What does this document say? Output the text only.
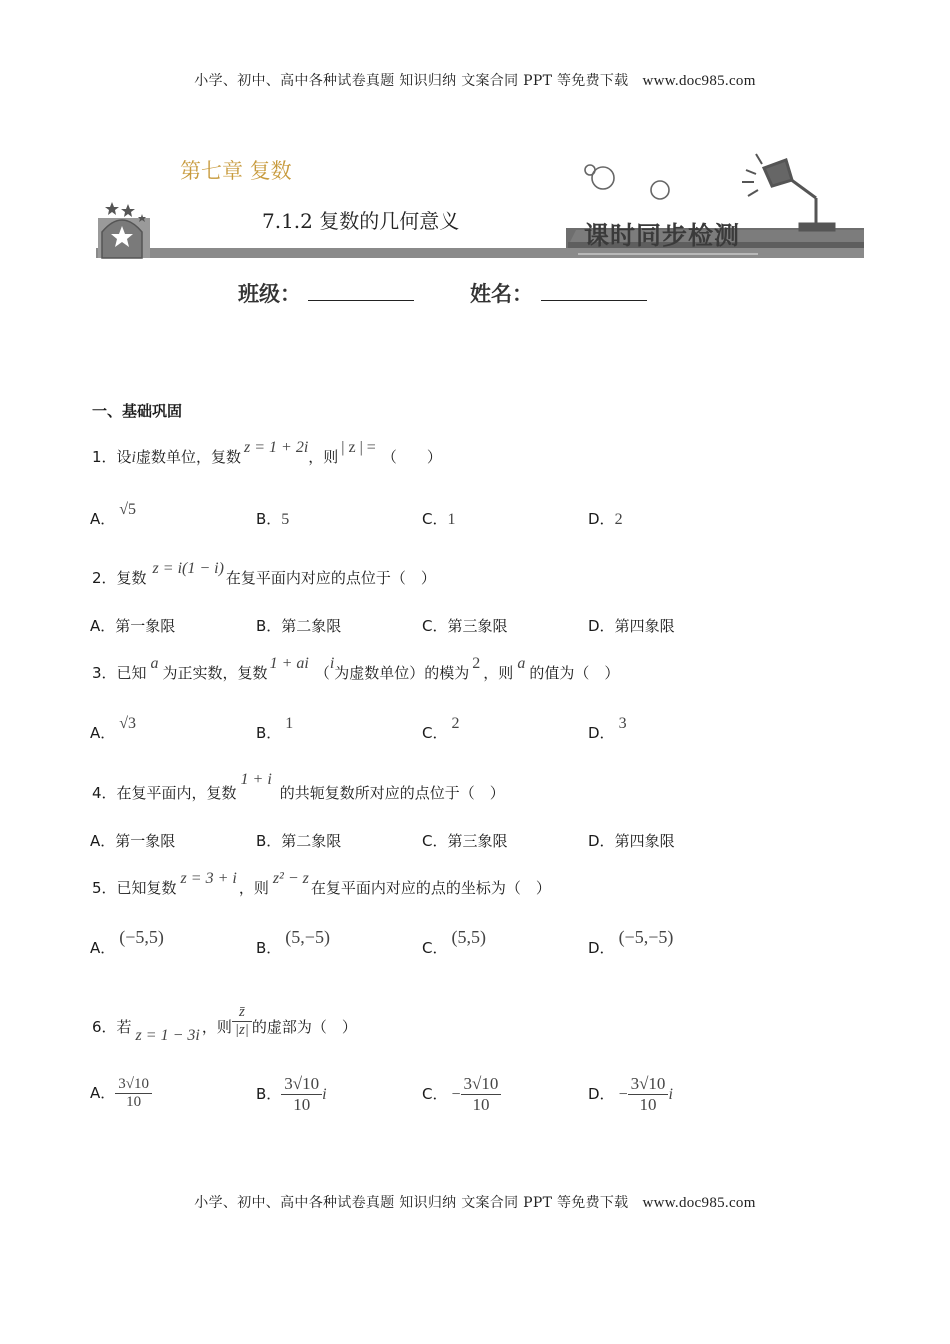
小学、初中、高中各种试卷真题 知识归纳 文案合同 PPT 等免费下载 www.doc985.com
第七章 复数
7.1.2 复数的几何意义	课时同步检测
班级：	姓名：
一、基础巩固
1．设i虚数单位，复数z = 1 + 2i，则| z | =（　　）
A．√5
B．5	C．1	D．2
2．复数z = i(1 − i)在复平面内对应的点位于（　）
A．第一象限	B．第二象限	C．第三象限	D．第四象限
3．已知a为正实数，复数1 + ai（i为虚数单位）的模为2，则a的值为（　）
A．√3
B．1
C．2
D．3
4．在复平面内，复数1 + i的共轭复数所对应的点位于（　）
A．第一象限	B．第二象限	C．第三象限	D．第四象限
5．已知复数z = 3 + i，则z² − z在复平面内对应的点的坐标为（　）
A．(−5,5)
B．(5,−5)
C．(5,5)
D．(−5,−5)
6．若 z = 1 − 3i ，则 $\frac{z̄}{|z|}$ 的虚部为（　）
A． $\frac{3√10}{10}$	B． $\frac{3√10}{10}$ i	C． − $\frac{3√10}{10}$	D． − $\frac{3√10}{10}$ i
小学、初中、高中各种试卷真题 知识归纳 文案合同 PPT 等免费下载 www.doc985.com
